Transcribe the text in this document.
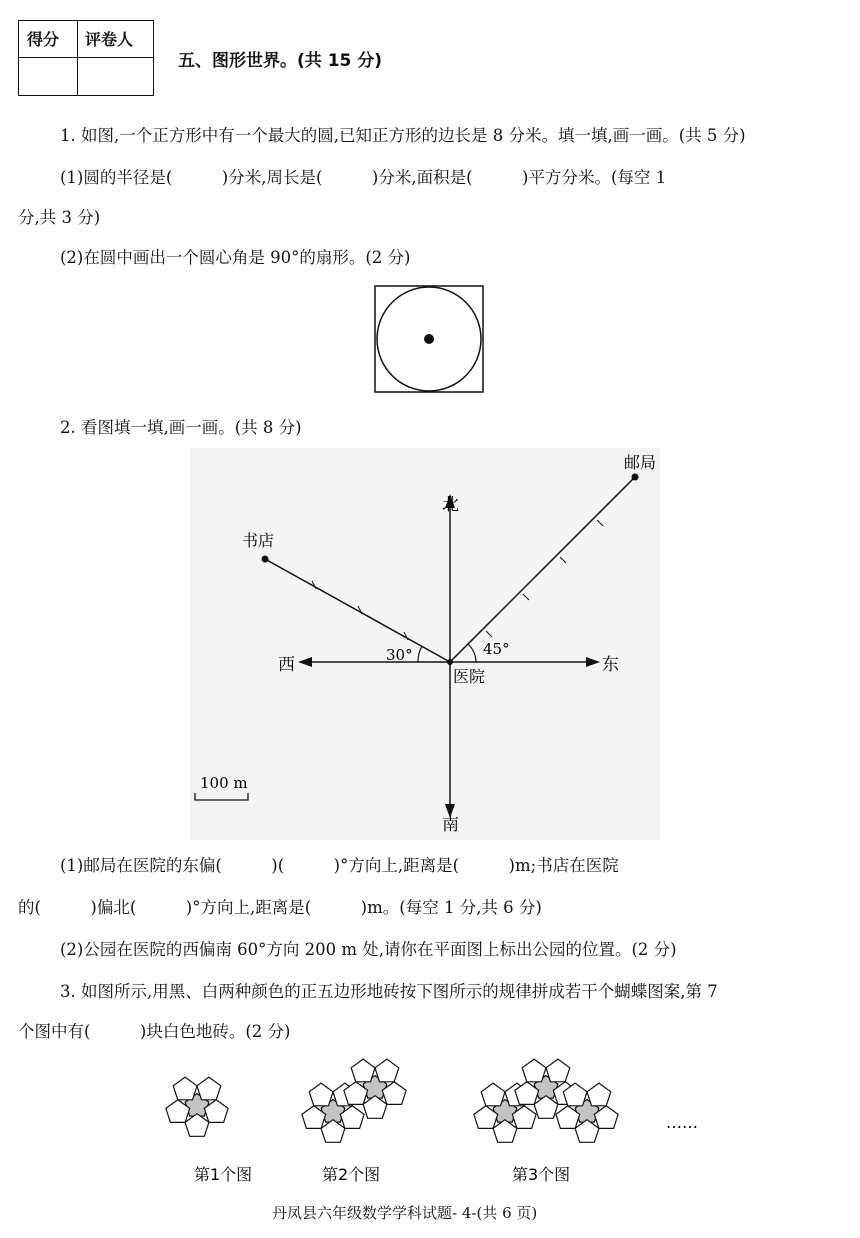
得分 评卷人
五、图形世界。(共 15 分)
1. 如图,一个正方形中有一个最大的圆,已知正方形的边长是 8 分米。填一填,画一画。(共 5 分)
(1)圆的半径是(　　　)分米,周长是(　　　)分米,面积是(　　　)平方分米。(每空 1
分,共 3 分)
(2)在圆中画出一个圆心角是 90°的扇形。(2 分)
2. 看图填一填,画一画。(共 8 分)
北
南
东
西
医院
书店
邮局
30°	45°
100 m
(1)邮局在医院的东偏(　　　)(　　　)°方向上,距离是(　　　)m;书店在医院
的(　　　)偏北(　　　)°方向上,距离是(　　　)m。(每空 1 分,共 6 分)
(2)公园在医院的西偏南 60°方向 200 m 处,请你在平面图上标出公园的位置。(2 分)
3. 如图所示,用黑、白两种颜色的正五边形地砖按下图所示的规律拼成若干个蝴蝶图案,第 7
个图中有(　　　)块白色地砖。(2 分)
第1个图	第2个图	第3个图
……
丹凤县六年级数学学科试题- 4-(共 6 页)
